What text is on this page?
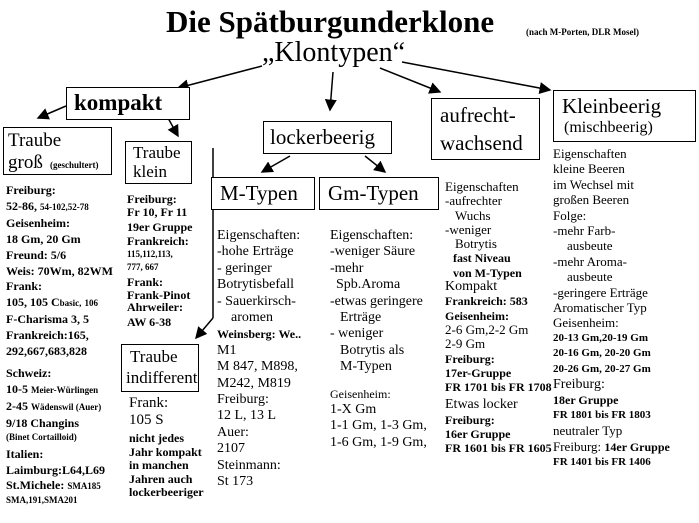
Die Spätburgunderklone	(nach M-Porten, DLR Mosel)
„Klontypen“
kompakt
Traube
groß (geschultert)
Traube
klein
lockerbeerig
aufrecht-
wachsend
Kleinbeerig
(mischbeerig)
M-Typen Gm-Typen
Traube
indifferent
Freiburg:
52-86, 54-102,52-78
Geisenheim:
18 Gm, 20 Gm
Freund: 5/6
Weis: 70Wm, 82WM
Frank:
105, 105 Cbasic, 106
F-Charisma 3, 5
Frankreich:165,
292,667,683,828
Schweiz:
10-5 Meier-Würlingen
2-45 Wädenswil (Auer)
9/18 Changins
(Binet Cortailloid)
Italien:
Laimburg:L64,L69
St.Michele: SMA185
SMA,191,SMA201
Freiburg:
Fr 10, Fr 11
19er Gruppe
Frankreich:
115,112,113,
777, 667
Frank:
Frank-Pinot
Ahrweiler:
AW 6-38
Frank:
105 S
nicht jedes
Jahr kompakt
in manchen
Jahren auch
lockerbeeriger
Eigenschaften:
-hohe Erträge
- geringer
Botrytisbefall
- Sauerkirsch-
aromen
Weinsberg: We..
M1
M 847, M898,
M242, M819
Freiburg:
12 L, 13 L
Auer:
2107
Steinmann:
St 173
Eigenschaften:
-weniger Säure
-mehr
Spb.Aroma
-etwas geringere
Erträge
- weniger
Botrytis als
M-Typen
Geisenheim:
1-X Gm
1-1 Gm, 1-3 Gm,
1-6 Gm, 1-9 Gm,
Eigenschaften
-aufrechter
Wuchs
-weniger
Botrytis
fast Niveau
von M-Typen
Kompakt
Frankreich: 583
Geisenheim:
2-6 Gm,2-2 Gm
2-9 Gm
Freiburg:
17er-Gruppe
FR 1701 bis FR 1708
Etwas locker
Freiburg:
16er Gruppe
FR 1601 bis FR 1605
Eigenschaften
kleine Beeren
im Wechsel mit
großen Beeren
Folge:
-mehr Farb-
ausbeute
-mehr Aroma-
ausbeute
-geringere Erträge
Aromatischer Typ
Geisenheim:
20-13 Gm,20-19 Gm
20-16 Gm, 20-20 Gm
20-26 Gm, 20-27 Gm
Freiburg:
18er Gruppe
FR 1801 bis FR 1803
neutraler Typ
Freiburg: 14er Gruppe
FR 1401 bis FR 1406
